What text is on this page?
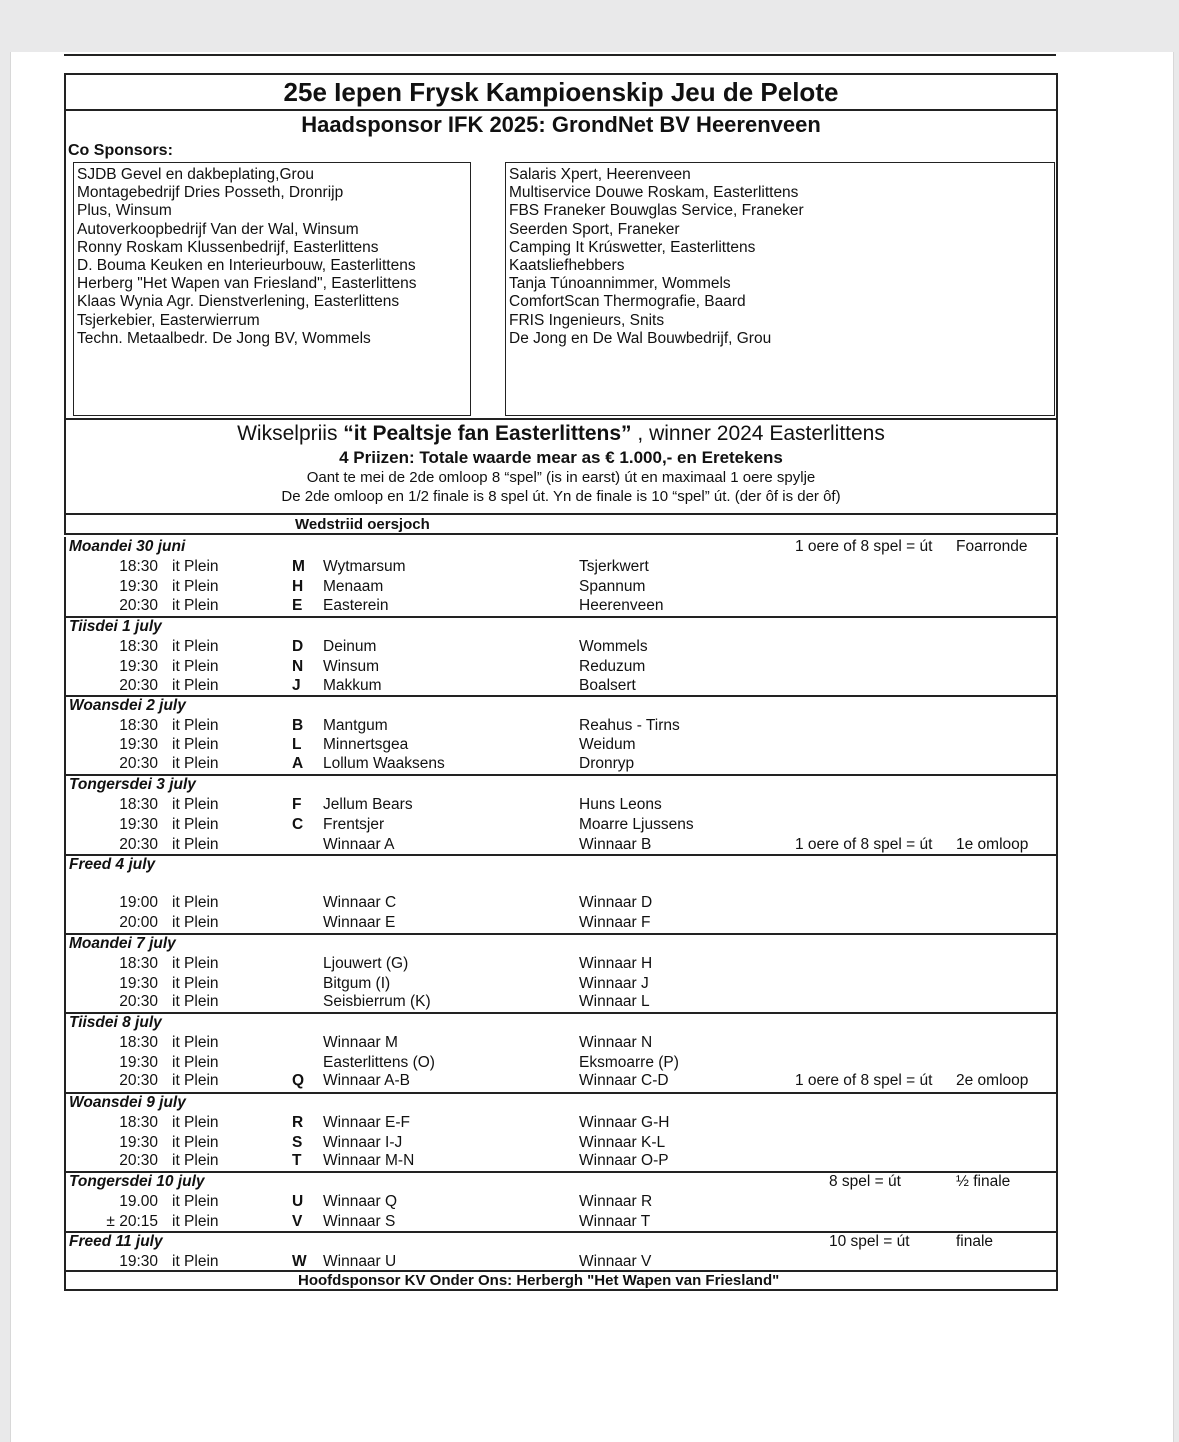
25e Iepen Frysk Kampioenskip Jeu de Pelote
Haadsponsor IFK 2025: GrondNet BV Heerenveen
Co Sponsors:
SJDB Gevel en dakbeplating,Grou
Montagebedrijf Dries Posseth, Dronrijp
Plus, Winsum
Autoverkoopbedrijf Van der Wal, Winsum
Ronny Roskam Klussenbedrijf, Easterlittens
D. Bouma Keuken en Interieurbouw, Easterlittens
Herberg "Het Wapen van Friesland", Easterlittens
Klaas Wynia Agr. Dienstverlening, Easterlittens
Tsjerkebier, Easterwierrum
Techn. Metaalbedr. De Jong BV, Wommels
Salaris Xpert, Heerenveen
Multiservice Douwe Roskam, Easterlittens
FBS Franeker Bouwglas Service, Franeker
Seerden Sport, Franeker
Camping It Krúswetter, Easterlittens
Kaatsliefhebbers
Tanja Túnoannimmer, Wommels
ComfortScan Thermografie, Baard
FRIS Ingenieurs, Snits
De Jong en De Wal Bouwbedrijf, Grou
Wikselpriis “it Pealtsje fan Easterlittens” , winner 2024 Easterlittens
4 Priizen: Totale waarde mear as € 1.000,- en Eretekens
Oant te mei de 2de omloop 8 “spel” (is in earst) út en maximaal 1 oere spylje
De 2de omloop en 1/2 finale is 8 spel út. Yn de finale is 10 “spel” út. (der ôf is der ôf)
Wedstriid oersjoch
Moandei 30 juni	1 oere of 8 spel = út Foarronde
18:30 it Plein	M Wytmarsum	Tsjerkwert
19:30 it Plein	H Menaam	Spannum
20:30 it Plein	E Easterein	Heerenveen
Tiisdei 1 july
18:30 it Plein	D Deinum	Wommels
19:30 it Plein	N Winsum	Reduzum
20:30 it Plein	J Makkum	Boalsert
Woansdei 2 july
18:30 it Plein	B Mantgum	Reahus - Tirns
19:30 it Plein	L Minnertsgea	Weidum
20:30 it Plein	A Lollum Waaksens	Dronryp
Tongersdei 3 july
18:30 it Plein	F Jellum Bears	Huns Leons
19:30 it Plein	C Frentsjer	Moarre Ljussens
20:30 it Plein	Winnaar A	Winnaar B	1 oere of 8 spel = út 1e omloop
Freed 4 july
19:00 it Plein	Winnaar C	Winnaar D
20:00 it Plein	Winnaar E	Winnaar F
Moandei 7 july
18:30 it Plein	Ljouwert (G)	Winnaar H
19:30 it Plein	Bitgum (I)	Winnaar J
20:30 it Plein	Seisbierrum (K)	Winnaar L
Tiisdei 8 july
18:30 it Plein	Winnaar M	Winnaar N
19:30 it Plein	Easterlittens (O)	Eksmoarre (P)
20:30 it Plein	Q Winnaar A-B	Winnaar C-D	1 oere of 8 spel = út 2e omloop
Woansdei 9 july
18:30 it Plein	R Winnaar E-F	Winnaar G-H
19:30 it Plein	S Winnaar I-J	Winnaar K-L
20:30 it Plein	T Winnaar M-N	Winnaar O-P
Tongersdei 10 july	8 spel = út	½ finale
19.00 it Plein	U Winnaar Q	Winnaar R
± 20:15 it Plein	V Winnaar S	Winnaar T
Freed 11 july	10 spel = út	finale
19:30 it Plein	W Winnaar U	Winnaar V
Hoofdsponsor KV Onder Ons: Herbergh "Het Wapen van Friesland"
